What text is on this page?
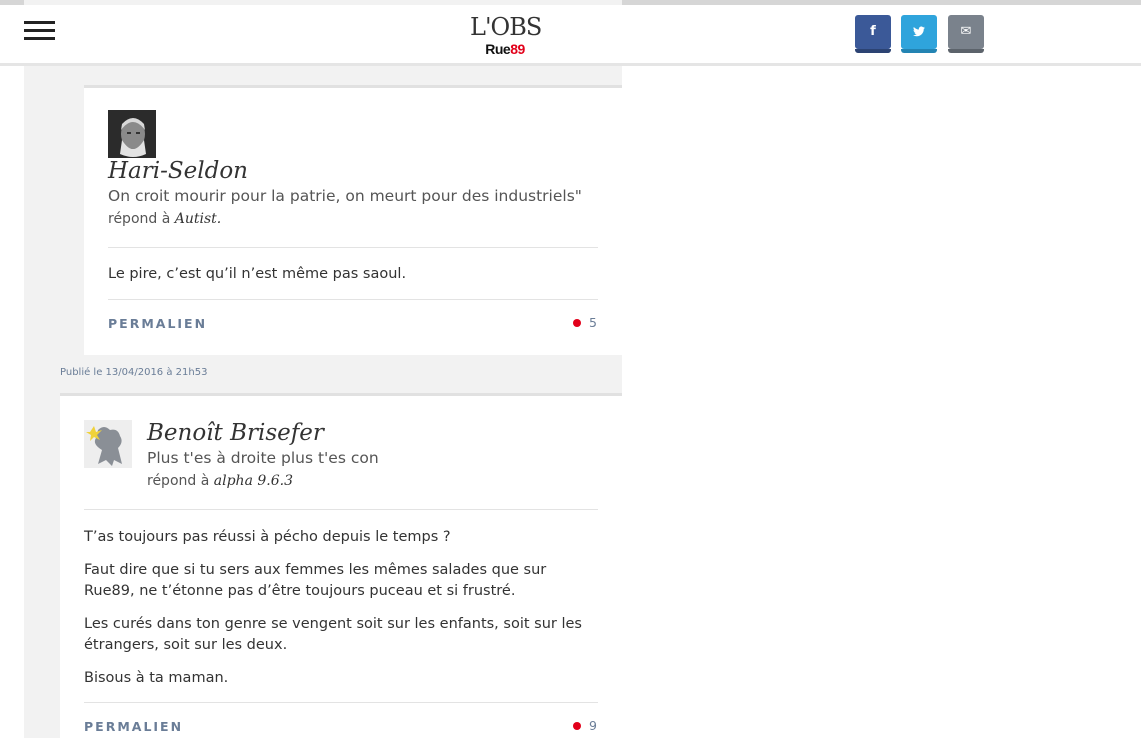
Hari-Seldon
On croit mourir pour la patrie, on meurt pour des industriels"
répond à Autist.

Le pire, c’est qu’il n’est même pas saoul.

PERMALIEN	5
Publié le 13/04/2016 à 21h53
Benoît Brisefer
Plus t'es à droite plus t'es con
répond à alpha 9.6.3

T’as toujours pas réussi à pécho depuis le temps ?

Faut dire que si tu sers aux femmes les mêmes salades que sur Rue89, ne t’étonne pas d’être toujours puceau et si frustré.

Les curés dans ton genre se vengent soit sur les enfants, soit sur les étrangers, soit sur les deux.

Bisous à ta maman.

PERMALIEN	9
L'OBS
Rue 89
f	✉
